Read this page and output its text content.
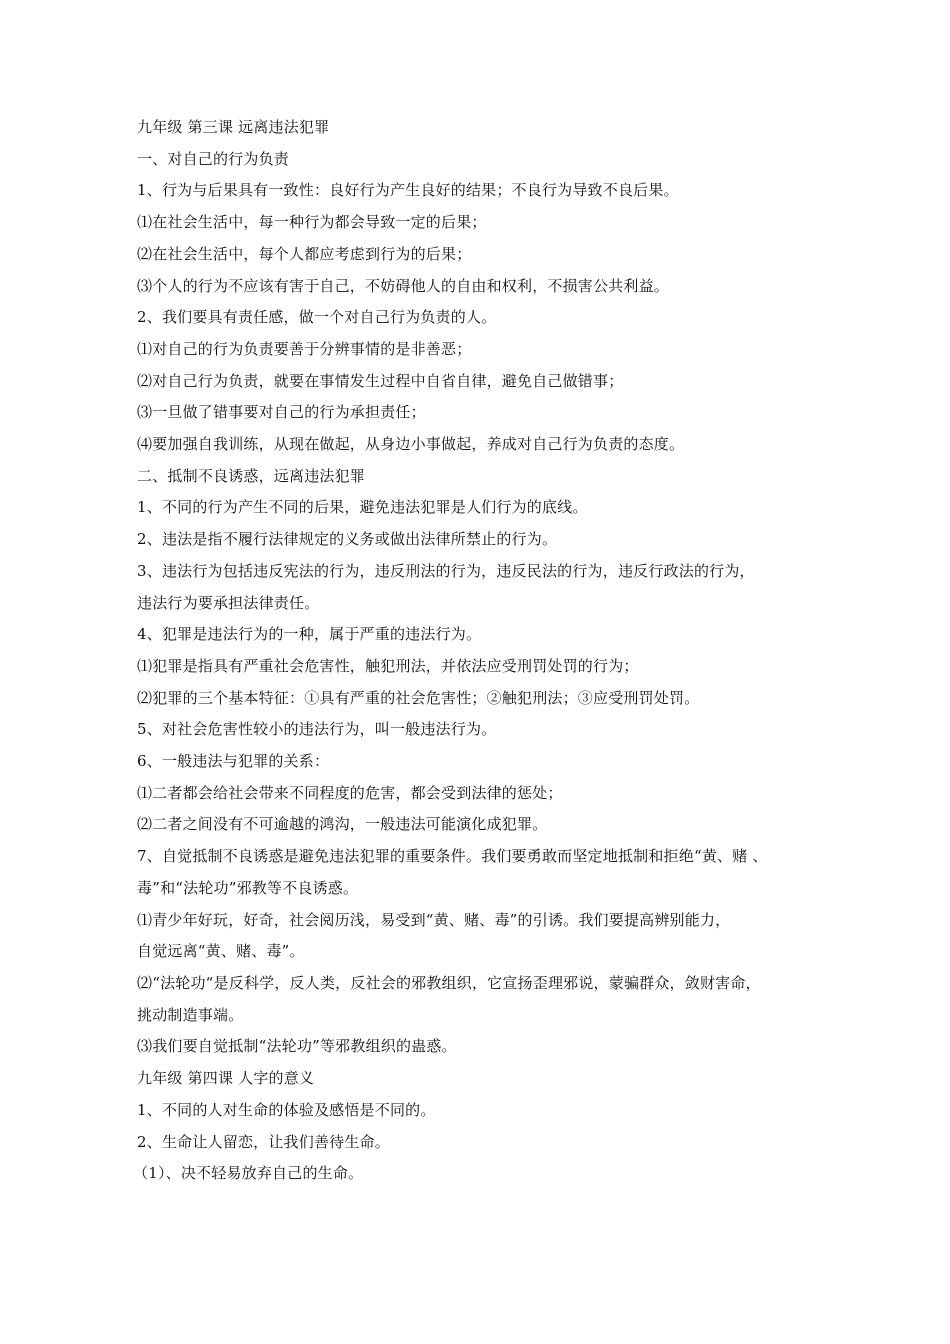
九年级 第三课 远离违法犯罪
一、对自己的行为负责
1、行为与后果具有一致性：良好行为产生良好的结果；不良行为导致不良后果。
⑴在社会生活中，每一种行为都会导致一定的后果；
⑵在社会生活中，每个人都应考虑到行为的后果；
⑶个人的行为不应该有害于自己，不妨碍他人的自由和权利，不损害公共利益。
2、我们要具有责任感，做一个对自己行为负责的人。
⑴对自己的行为负责要善于分辨事情的是非善恶；
⑵对自己行为负责，就要在事情发生过程中自省自律，避免自己做错事；
⑶一旦做了错事要对自己的行为承担责任；
⑷要加强自我训练，从现在做起，从身边小事做起，养成对自己行为负责的态度。
二、抵制不良诱惑，远离违法犯罪
1、不同的行为产生不同的后果，避免违法犯罪是人们行为的底线。
2、违法是指不履行法律规定的义务或做出法律所禁止的行为。
3、违法行为包括违反宪法的行为，违反刑法的行为，违反民法的行为，违反行政法的行为，
违法行为要承担法律责任。
4、犯罪是违法行为的一种，属于严重的违法行为。
⑴犯罪是指具有严重社会危害性，触犯刑法，并依法应受刑罚处罚的行为；
⑵犯罪的三个基本特征：①具有严重的社会危害性；②触犯刑法；③应受刑罚处罚。
5、对社会危害性较小的违法行为，叫一般违法行为。
6、一般违法与犯罪的关系：
⑴二者都会给社会带来不同程度的危害，都会受到法律的惩处；
⑵二者之间没有不可逾越的鸿沟，一般违法可能演化成犯罪。
7、自觉抵制不良诱惑是避免违法犯罪的重要条件。我们要勇敢而坚定地抵制和拒绝“黄、赌 、
毒”和“法轮功”邪教等不良诱惑。
⑴青少年好玩，好奇，社会阅历浅，易受到“黄、赌、毒”的引诱。我们要提高辨别能力，
自觉远离“黄、赌、毒”。
⑵“法轮功“是反科学，反人类，反社会的邪教组织，它宣扬歪理邪说，蒙骗群众，敛财害命，
挑动制造事端。
⑶我们要自觉抵制“法轮功”等邪教组织的蛊惑。
九年级 第四课 人字的意义
1、不同的人对生命的体验及感悟是不同的。
2、生命让人留恋，让我们善待生命。
（1）、决不轻易放弃自己的生命。
